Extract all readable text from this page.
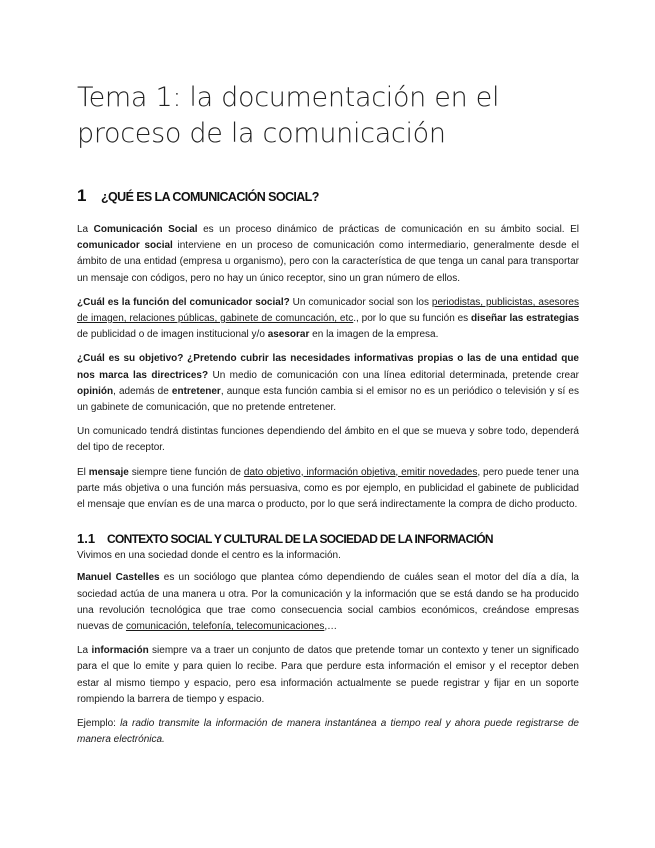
Tema 1: la documentación en el proceso de la comunicación
1	¿QUÉ ES LA COMUNICACIÓN SOCIAL?

La Comunicación Social es un proceso dinámico de prácticas de comunicación en su ámbito social. El comunicador social interviene en un proceso de comunicación como intermediario, generalmente desde el ámbito de una entidad (empresa u organismo), pero con la característica de que tenga un canal para transportar un mensaje con códigos, pero no hay un único receptor, sino un gran número de ellos.

¿Cuál es la función del comunicador social? Un comunicador social son los periodistas, publicistas, asesores de imagen, relaciones públicas, gabinete de comuncación, etc., por lo que su función es diseñar las estrategias de publicidad o de imagen institucional y/o asesorar en la imagen de la empresa.

¿Cuál es su objetivo? ¿Pretendo cubrir las necesidades informativas propias o las de una entidad que nos marca las directrices? Un medio de comunicación con una línea editorial determinada, pretende crear opinión, además de entretener, aunque esta función cambia si el emisor no es un periódico o televisión y sí es un gabinete de comunicación, que no pretende entretener.

Un comunicado tendrá distintas funciones dependiendo del ámbito en el que se mueva y sobre todo, dependerá del tipo de receptor.

El mensaje siempre tiene función de dato objetivo, información objetiva, emitir novedades, pero puede tener una parte más objetiva o una función más persuasiva, como es por ejemplo, en publicidad el gabinete de publicidad el mensaje que envían es de una marca o producto, por lo que será indirectamente la compra de dicho producto.

1.1 CONTEXTO SOCIAL Y CULTURAL DE LA SOCIEDAD DE LA INFORMACIÓN

Vivimos en una sociedad donde el centro es la información.

Manuel Castelles es un sociólogo que plantea cómo dependiendo de cuáles sean el motor del día a día, la sociedad actúa de una manera u otra. Por la comunicación y la información que se está dando se ha producido una revolución tecnológica que trae como consecuencia social cambios económicos, creándose empresas nuevas de comunicación, telefonía, telecomunicaciones,…

La información siempre va a traer un conjunto de datos que pretende tomar un contexto y tener un significado para el que lo emite y para quien lo recibe. Para que perdure esta información el emisor y el receptor deben estar al mismo tiempo y espacio, pero esa información actualmente se puede registrar y fijar en un soporte rompiendo la barrera de tiempo y espacio.

Ejemplo: la radio transmite la información de manera instantánea a tiempo real y ahora puede registrarse de manera electrónica.
